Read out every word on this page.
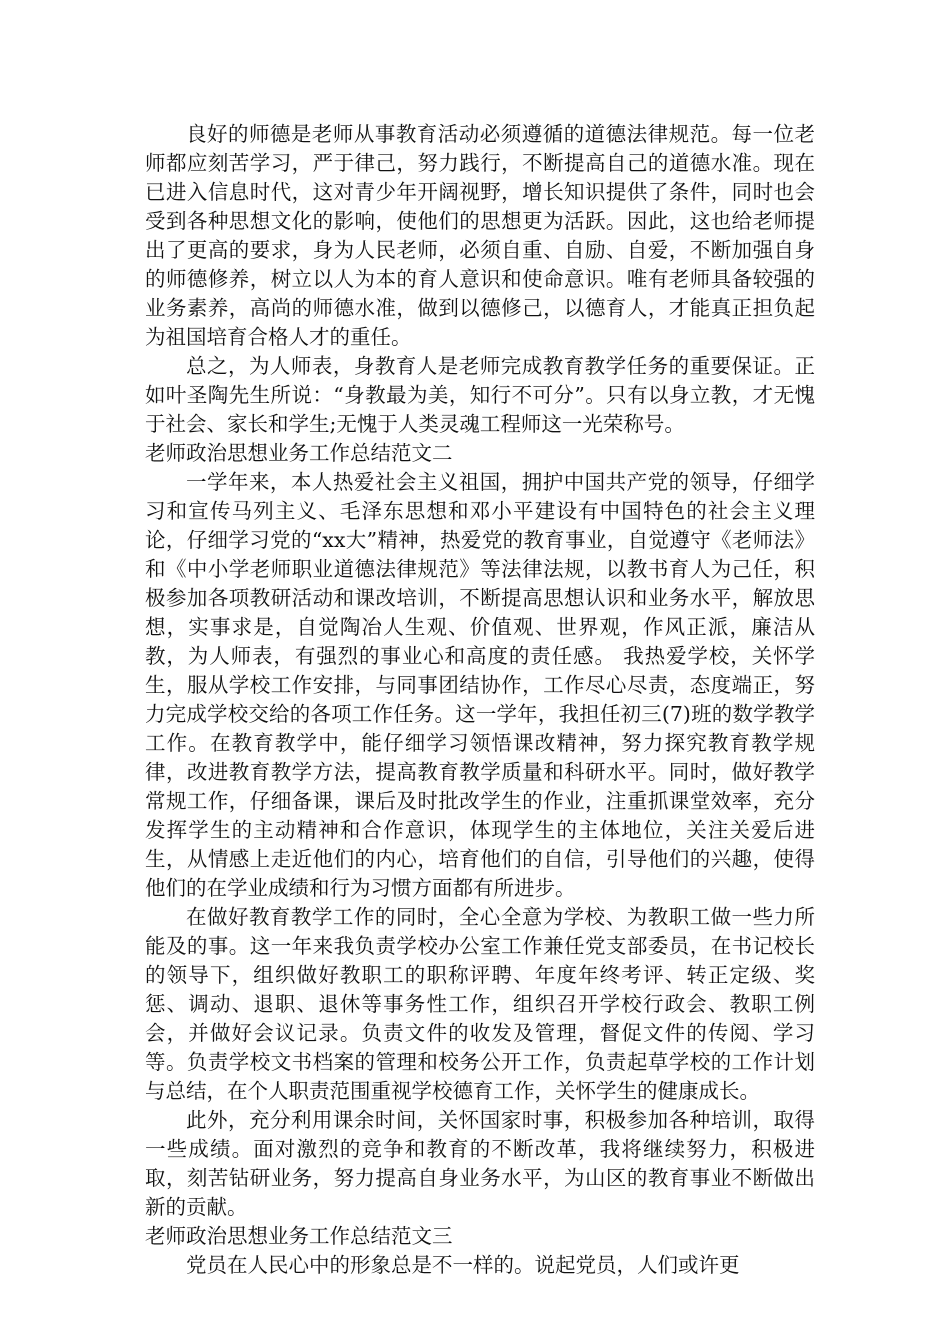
良好的师德是老师从事教育活动必须遵循的道德法律规范。每一位老师都应刻苦学习，严于律己，努力践行，不断提高自己的道德水准。现在已进入信息时代，这对青少年开阔视野，增长知识提供了条件，同时也会受到各种思想文化的影响，使他们的思想更为活跃。因此，这也给老师提出了更高的要求，身为人民老师，必须自重、自励、自爱，不断加强自身的师德修养，树立以人为本的育人意识和使命意识。唯有老师具备较强的业务素养，高尚的师德水准，做到以德修己，以德育人，才能真正担负起为祖国培育合格人才的重任。

总之，为人师表，身教育人是老师完成教育教学任务的重要保证。正如叶圣陶先生所说：“身教最为美，知行不可分”。只有以身立教，才无愧于社会、家长和学生;无愧于人类灵魂工程师这一光荣称号。

老师政治思想业务工作总结范文二

一学年来，本人热爱社会主义祖国，拥护中国共产党的领导，仔细学习和宣传马列主义、毛泽东思想和邓小平建设有中国特色的社会主义理论，仔细学习党的“xx大”精神，热爱党的教育事业，自觉遵守《老师法》和《中小学老师职业道德法律规范》等法律法规，以教书育人为己任，积极参加各项教研活动和课改培训，不断提高思想认识和业务水平，解放思想，实事求是，自觉陶冶人生观、价值观、世界观，作风正派，廉洁从教，为人师表，有强烈的事业心和高度的责任感。 我热爱学校，关怀学生，服从学校工作安排，与同事团结协作，工作尽心尽责，态度端正，努力完成学校交给的各项工作任务。这一学年，我担任初三(7)班的数学教学工作。在教育教学中，能仔细学习领悟课改精神，努力探究教育教学规律，改进教育教学方法，提高教育教学质量和科研水平。同时，做好教学常规工作，仔细备课，课后及时批改学生的作业，注重抓课堂效率，充分发挥学生的主动精神和合作意识，体现学生的主体地位，关注关爱后进生，从情感上走近他们的内心，培育他们的自信，引导他们的兴趣，使得他们的在学业成绩和行为习惯方面都有所进步。

在做好教育教学工作的同时，全心全意为学校、为教职工做一些力所能及的事。这一年来我负责学校办公室工作兼任党支部委员，在书记校长的领导下，组织做好教职工的职称评聘、年度年终考评、转正定级、奖惩、调动、退职、退休等事务性工作，组织召开学校行政会、教职工例会，并做好会议记录。负责文件的收发及管理，督促文件的传阅、学习等。负责学校文书档案的管理和校务公开工作，负责起草学校的工作计划与总结，在个人职责范围重视学校德育工作，关怀学生的健康成长。

此外，充分利用课余时间，关怀国家时事，积极参加各种培训，取得一些成绩。面对激烈的竞争和教育的不断改革，我将继续努力，积极进取，刻苦钻研业务，努力提高自身业务水平，为山区的教育事业不断做出新的贡献。

老师政治思想业务工作总结范文三

党员在人民心中的形象总是不一样的。说起党员，人们或许更
